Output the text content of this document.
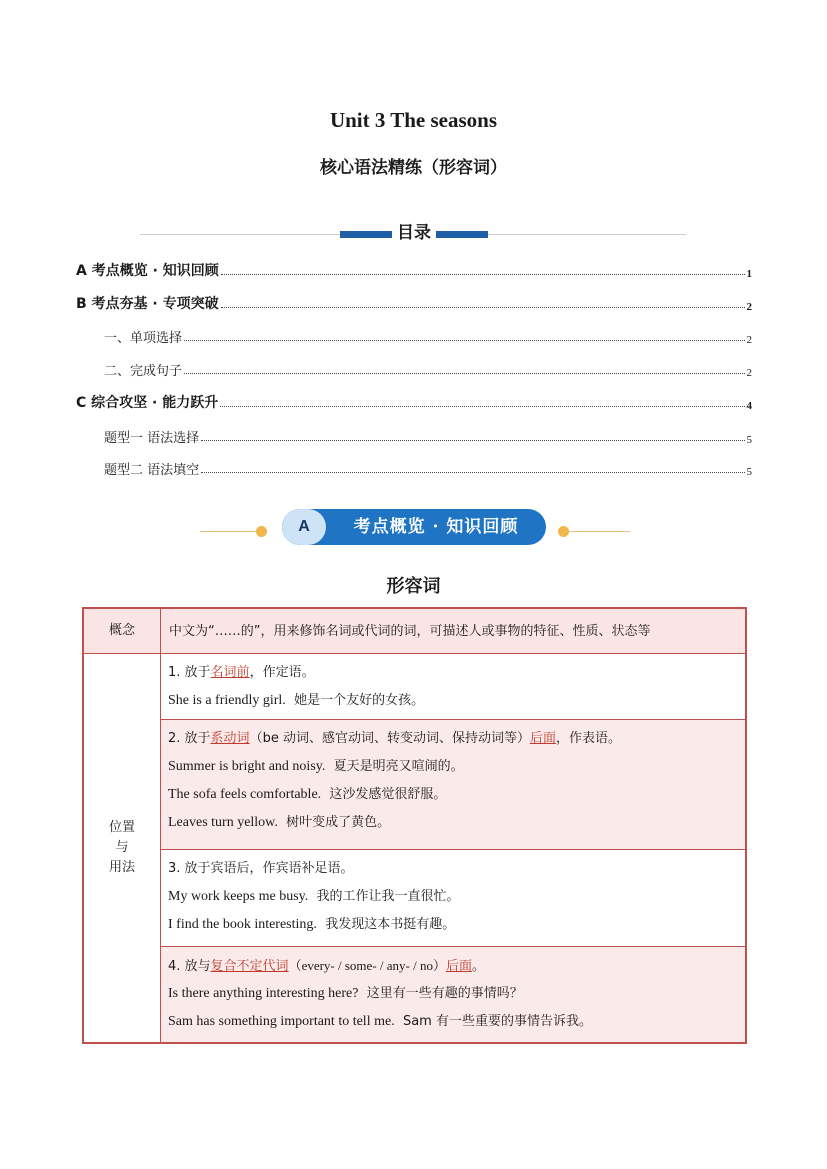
Unit 3 The seasons
核心语法精练（形容词）
目录
A 考点概览 · 知识回顾	1
B 考点夯基 · 专项突破	2
一、单项选择	2
二、完成句子	2
C 综合攻坚 · 能力跃升	4
题型一 语法选择	5
题型二 语法填空	5
A	考点概览 · 知识回顾
形容词
概念	中文为“……的”，用来修饰名词或代词的词，可描述人或事物的特征、性质、状态等
位置
与
用法
1. 放于名词前，作定语。
She is a friendly girl. 她是一个友好的女孩。
2. 放于系动词（be 动词、感官动词、转变动词、保持动词等）后面，作表语。
Summer is bright and noisy. 夏天是明亮又喧闹的。
The sofa feels comfortable. 这沙发感觉很舒服。
Leaves turn yellow. 树叶变成了黄色。
3. 放于宾语后，作宾语补足语。
My work keeps me busy. 我的工作让我一直很忙。
I find the book interesting. 我发现这本书挺有趣。
4. 放与复合不定代词（every- / some- / any- / no）后面。
Is there anything interesting here? 这里有一些有趣的事情吗？
Sam has something important to tell me. Sam 有一些重要的事情告诉我。
